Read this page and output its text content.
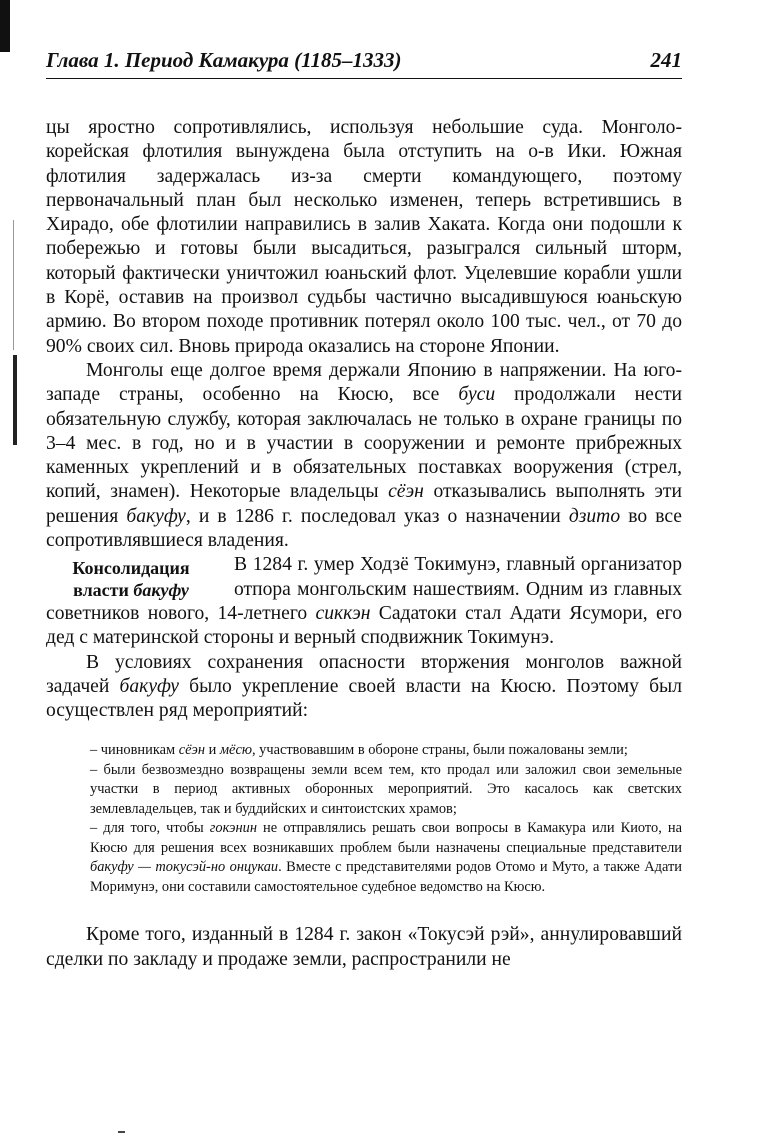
Глава 1. Период Камакура (1185–1333)	241

цы яростно сопротивлялись, используя небольшие суда. Монголо-корейская флотилия вынуждена была отступить на о-в Ики. Южная флотилия задержалась из-за смерти командующего, поэтому первоначальный план был несколько изменен, теперь встретившись в Хирадо, обе флотилии направились в залив Хаката. Когда они подошли к побережью и готовы были высадиться, разыгрался сильный шторм, который фактически уничтожил юаньский флот. Уцелевшие корабли ушли в Корё, оставив на произвол судьбы частично высадившуюся юаньскую армию. Во втором походе противник потерял около 100 тыс. чел., от 70 до 90% своих сил. Вновь природа оказались на стороне Японии.

Монголы еще долгое время держали Японию в напряжении. На юго-западе страны, особенно на Кюсю, все буси продолжали нести обязательную службу, которая заключалась не только в охране границы по 3–4 мес. в год, но и в участии в сооружении и ремонте прибрежных каменных укреплений и в обязательных поставках вооружения (стрел, копий, знамен). Некоторые владельцы сёэн отказывались выполнять эти решения бакуфу, и в 1286 г. последовал указ о назначении дзито во все сопротивлявшиеся владения.

Консолидация
власти бакуфу

В 1284 г. умер Ходзё Токимунэ, главный организатор отпора монгольским нашествиям. Одним из главных советников нового, 14-летнего сиккэн Садатоки стал Адати Ясумори, его дед с материнской стороны и верный сподвижник Токимунэ.

В условиях сохранения опасности вторжения монголов важной задачей бакуфу было укрепление своей власти на Кюсю. Поэтому был осуществлен ряд мероприятий:

– чиновникам сёэн и мёсю, участвовавшим в обороне страны, были пожалованы земли;
– были безвозмездно возвращены земли всем тем, кто продал или заложил свои земельные участки в период активных оборонных мероприятий. Это касалось как светских землевладельцев, так и буддийских и синтоистских храмов;
– для того, чтобы гокэнин не отправлялись решать свои вопросы в Камакура или Киото, на Кюсю для решения всех возникавших проблем были назначены специальные представители бакуфу — токусэй-но онцукаи. Вместе с представителями родов Отомо и Муто, а также Адати Моримунэ, они составили самостоятельное судебное ведомство на Кюсю.

Кроме того, изданный в 1284 г. закон «Токусэй рэй», аннулировавший сделки по закладу и продаже земли, распространили не
